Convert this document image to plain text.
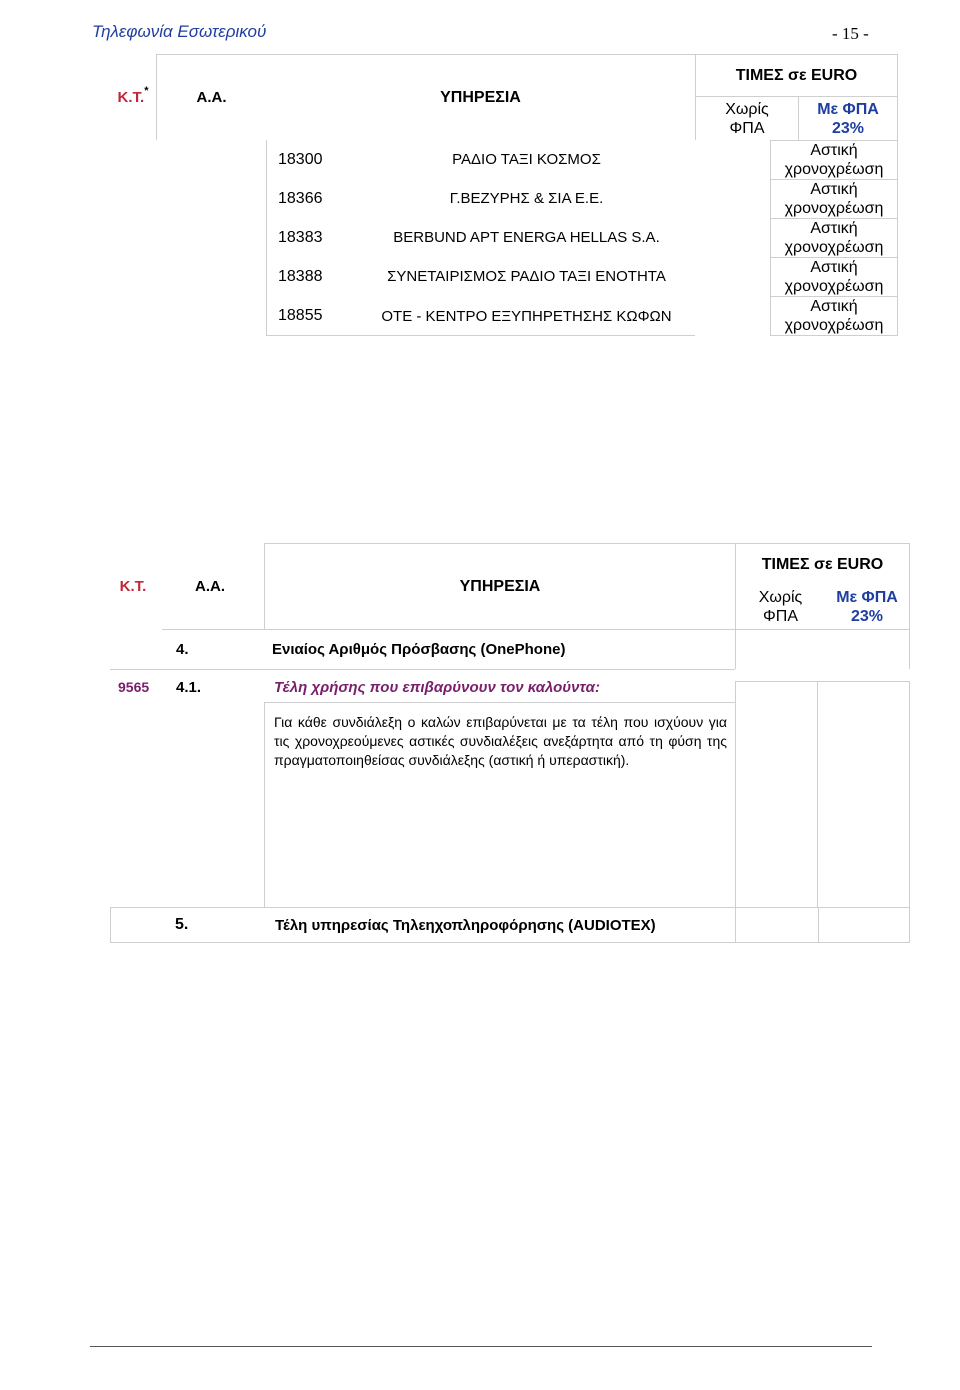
Τηλεφωνία Εσωτερικού	- 15 -
Κ.Τ.*	Α.Α.	ΥΠΗΡΕΣΙΑ
ΤΙΜΕΣ σε EURO
Χωρίς ΦΠΑ
Με ΦΠΑ 23%
18300	ΡΑΔΙΟ ΤΑΞΙ ΚΟΣΜΟΣ
Αστική χρονοχρέωση
18366	Γ.ΒΕΖΥΡΗΣ & ΣΙΑ Ε.Ε.
Αστική χρονοχρέωση
18383	BERBUND APT ENERGA HELLAS S.A.
Αστική χρονοχρέωση
18388	ΣΥΝΕΤΑΙΡΙΣΜΟΣ ΡΑΔΙΟ ΤΑΞΙ ΕΝΟΤΗΤΑ
Αστική χρονοχρέωση
18855	ΟΤΕ - ΚΕΝΤΡΟ ΕΞΥΠΗΡΕΤΗΣΗΣ ΚΩΦΩΝ
Αστική χρονοχρέωση
Κ.Τ.	Α.Α.	ΥΠΗΡΕΣΙΑ
ΤΙΜΕΣ σε EURO
Χωρίς ΦΠΑ
Με ΦΠΑ 23%
4.	Ενιαίος Αριθμός Πρόσβασης (OnePhone)
9565	4.1.	Τέλη χρήσης που επιβαρύνουν τον καλούντα:
Για κάθε συνδιάλεξη ο καλών επιβαρύνεται με τα τέλη που ισχύουν για τις χρονοχρεούμενες αστικές συνδιαλέξεις ανεξάρτητα από τη φύση της πραγματοποιηθείσας συνδιάλεξης (αστική ή υπεραστική).
5.	Τέλη υπηρεσίας Τηλεηχοπληροφόρησης (AUDIOTEX)
